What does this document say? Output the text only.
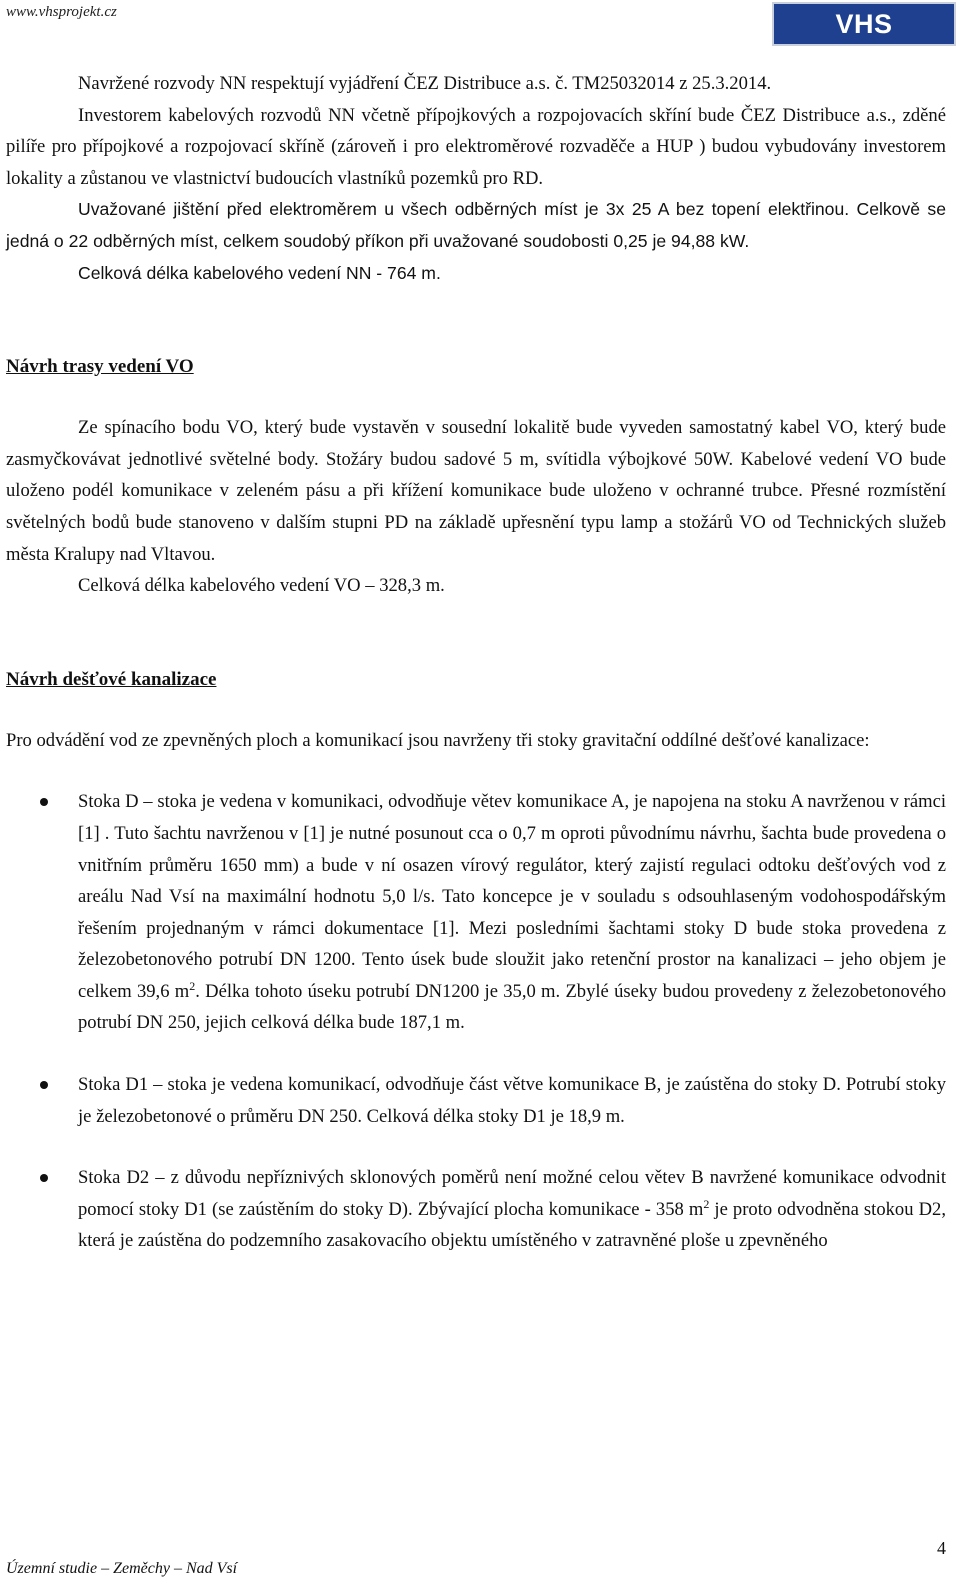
www.vhsprojekt.cz	VHS PROJEKT

Navržené rozvody NN respektují vyjádření ČEZ Distribuce a.s. č. TM25032014 z 25.3.2014.

Investorem kabelových rozvodů NN včetně přípojkových a rozpojovacích skříní bude ČEZ Distribuce a.s., zděné pilíře pro přípojkové a rozpojovací skříně (zároveň i pro elektroměrové rozvaděče a HUP ) budou vybudovány investorem lokality a zůstanou ve vlastnictví budoucích vlastníků pozemků pro RD.

Uvažované jištění před elektroměrem u všech odběrných míst je 3x 25 A bez topení elektřinou. Celkově se jedná o 22 odběrných míst, celkem soudobý příkon při uvažované soudobosti 0,25 je 94,88 kW.

Celková délka kabelového vedení NN - 764 m.

Návrh trasy vedení VO

Ze spínacího bodu VO, který bude vystavěn v sousední lokalitě bude vyveden samostatný kabel VO, který bude zasmyčkovávat jednotlivé světelné body. Stožáry budou sadové 5 m, svítidla výbojkové 50W. Kabelové vedení VO bude uloženo podél komunikace v zeleném pásu a při křížení komunikace bude uloženo v ochranné trubce. Přesné rozmístění světelných bodů bude stanoveno v dalším stupni PD na základě upřesnění typu lamp a stožárů VO od Technických služeb města Kralupy nad Vltavou.

Celková délka kabelového vedení VO – 328,3 m.

Návrh dešťové kanalizace

Pro odvádění vod ze zpevněných ploch a komunikací jsou navrženy tři stoky gravitační oddílné dešťové kanalizace:

Stoka D – stoka je vedena v komunikaci, odvodňuje větev komunikace A, je napojena na stoku A navrženou v rámci [1] . Tuto šachtu navrženou v [1] je nutné posunout cca o 0,7 m oproti původnímu návrhu, šachta bude provedena o vnitřním průměru 1650 mm) a bude v ní osazen vírový regulátor, který zajistí regulaci odtoku dešťových vod z areálu Nad Vsí na maximální hodnotu 5,0 l/s. Tato koncepce je v souladu s odsouhlaseným vodohospodářským řešením projednaným v rámci dokumentace [1]. Mezi posledními šachtami stoky D bude stoka provedena z železobetonového potrubí DN 1200. Tento úsek bude sloužit jako retenční prostor na kanalizaci – jeho objem je celkem 39,6 $m^2$. Délka tohoto úseku potrubí DN1200 je 35,0 m. Zbylé úseky budou provedeny z železobetonového potrubí DN 250, jejich celková délka bude 187,1 m.
Stoka D1 – stoka je vedena komunikací, odvodňuje část větve komunikace B, je zaústěna do stoky D. Potrubí stoky je železobetonové o průměru DN 250. Celková délka stoky D1 je 18,9 m.
Stoka D2 – z důvodu nepříznivých sklonových poměrů není možné celou větev B navržené komunikace odvodnit pomocí stoky D1 (se zaústěním do stoky D). Zbývající plocha komunikace - 358 $m^2$ je proto odvodněna stokou D2, která je zaústěna do podzemního zasakovacího objektu umístěného v zatravněné ploše u zpevněného
4
Územní studie – Zeměchy – Nad Vsí
